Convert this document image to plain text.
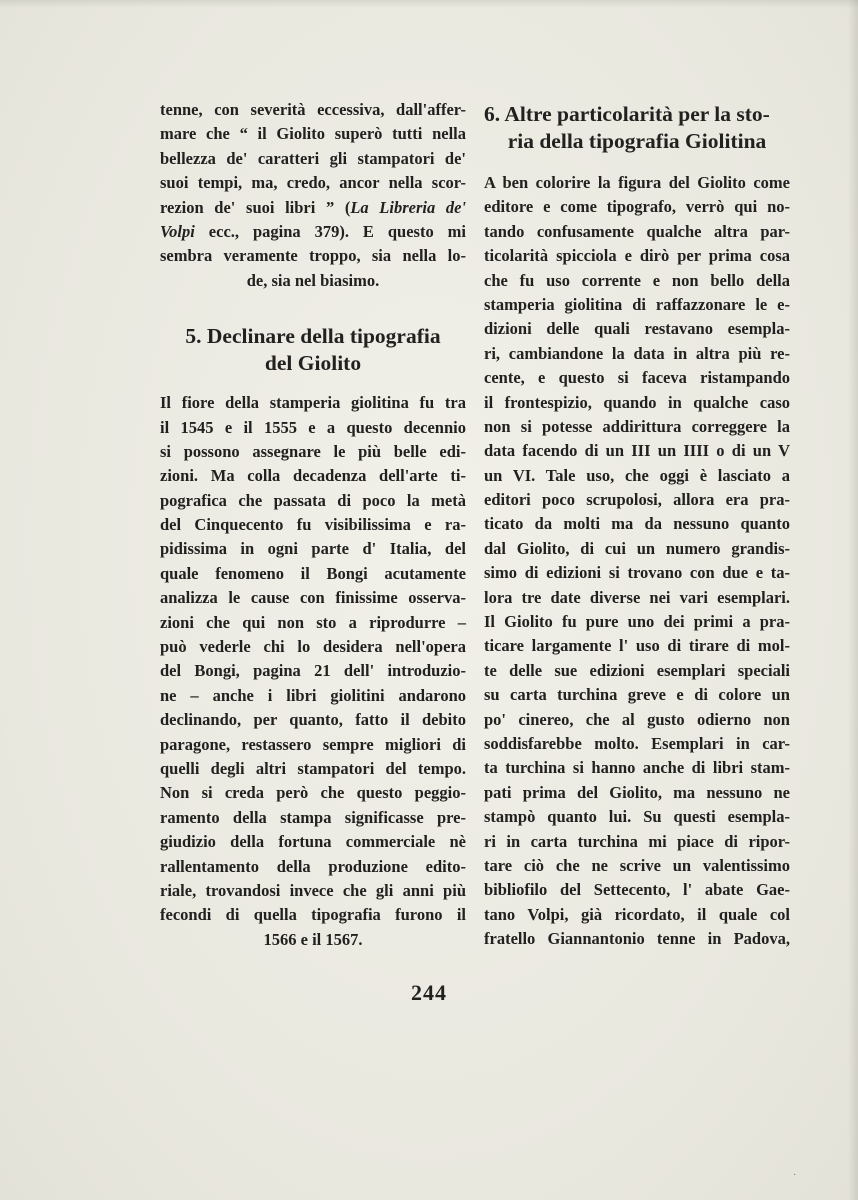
tenne, con severità eccessiva, dall'affer-
mare che “ il Giolito superò tutti nella
bellezza de' caratteri gli stampatori de'
suoi tempi, ma, credo, ancor nella scor-
rezion de' suoi libri ” (La Libreria de'
Volpi ecc., pagina 379). E questo mi
sembra veramente troppo, sia nella lo-
de, sia nel biasimo.
5. Declinare della tipografia
del Giolito
Il fiore della stamperia giolitina fu tra
il 1545 e il 1555 e a questo decennio
si possono assegnare le più belle edi-
zioni. Ma colla decadenza dell'arte ti-
pografica che passata di poco la metà
del Cinquecento fu visibilissima e ra-
pidissima in ogni parte d' Italia, del
quale fenomeno il Bongi acutamente
analizza le cause con finissime osserva-
zioni che qui non sto a riprodurre –
può vederle chi lo desidera nell'opera
del Bongi, pagina 21 dell' introduzio-
ne – anche i libri giolitini andarono
declinando, per quanto, fatto il debito
paragone, restassero sempre migliori di
quelli degli altri stampatori del tempo.
Non si creda però che questo peggio-
ramento della stampa significasse pre-
giudizio della fortuna commerciale nè
rallentamento della produzione edito-
riale, trovandosi invece che gli anni più
fecondi di quella tipografia furono il
1566 e il 1567.
6. Altre particolarità per la sto-
ria della tipografia Giolitina
A ben colorire la figura del Giolito come
editore e come tipografo, verrò qui no-
tando confusamente qualche altra par-
ticolarità spicciola e dirò per prima cosa
che fu uso corrente e non bello della
stamperia giolitina di raffazzonare le e-
dizioni delle quali restavano esempla-
ri, cambiandone la data in altra più re-
cente, e questo si faceva ristampando
il frontespizio, quando in qualche caso
non si potesse addirittura correggere la
data facendo di un III un IIII o di un V
un VI. Tale uso, che oggi è lasciato a
editori poco scrupolosi, allora era pra-
ticato da molti ma da nessuno quanto
dal Giolito, di cui un numero grandis-
simo di edizioni si trovano con due e ta-
lora tre date diverse nei vari esemplari.
Il Giolito fu pure uno dei primi a pra-
ticare largamente l' uso di tirare di mol-
te delle sue edizioni esemplari speciali
su carta turchina greve e di colore un
po' cinereo, che al gusto odierno non
soddisfarebbe molto. Esemplari in car-
ta turchina si hanno anche di libri stam-
pati prima del Giolito, ma nessuno ne
stampò quanto lui. Su questi esempla-
ri in carta turchina mi piace di ripor-
tare ciò che ne scrive un valentissimo
bibliofilo del Settecento, l' abate Gae-
tano Volpi, già ricordato, il quale col
fratello Giannantonio tenne in Padova,
244
·
